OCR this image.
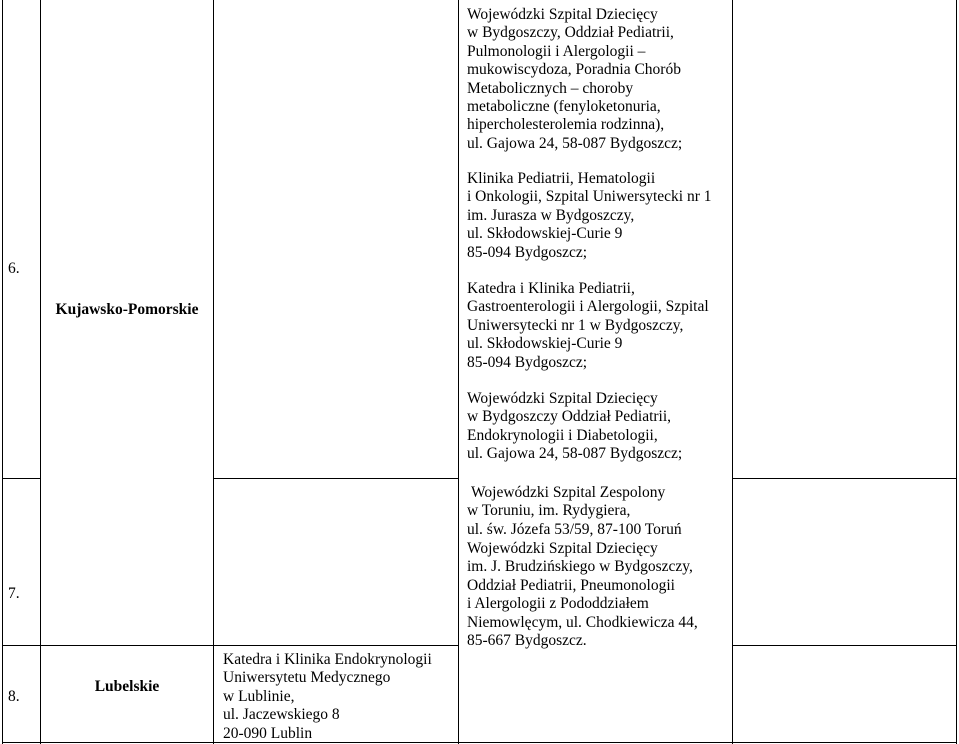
6.
Kujawsko-Pomorskie
Wojewódzki Szpital Dziecięcy
w Bydgoszczy, Oddział Pediatrii,
Pulmonologii i Alergologii –
mukowiscydoza, Poradnia Chorób
Metabolicznych – choroby
metaboliczne (fenyloketonuria,
hipercholesterolemia rodzinna),
ul. Gajowa 24, 58-087 Bydgoszcz;
Klinika Pediatrii, Hematologii
i Onkologii, Szpital Uniwersytecki nr 1
im. Jurasza w Bydgoszczy,
ul. Skłodowskiej-Curie 9
85-094 Bydgoszcz;
Katedra i Klinika Pediatrii,
Gastroenterologii i Alergologii, Szpital
Uniwersytecki nr 1 w Bydgoszczy,
ul. Skłodowskiej-Curie 9
85-094 Bydgoszcz;
Wojewódzki Szpital Dziecięcy
w Bydgoszczy Oddział Pediatrii,
Endokrynologii i Diabetologii,
ul. Gajowa 24, 58-087 Bydgoszcz;
7.
Wojewódzki Szpital Zespolony
w Toruniu, im. Rydygiera,
ul. św. Józefa 53/59, 87-100 Toruń
Wojewódzki Szpital Dziecięcy
im. J. Brudzińskiego w Bydgoszczy,
Oddział Pediatrii, Pneumonologii
i Alergologii z Pododdziałem
Niemowlęcym, ul. Chodkiewicza 44,
85-667 Bydgoszcz.
8.
Lubelskie
Katedra i Klinika Endokrynologii
Uniwersytetu Medycznego
w Lublinie,
ul. Jaczewskiego 8
20-090 Lublin
